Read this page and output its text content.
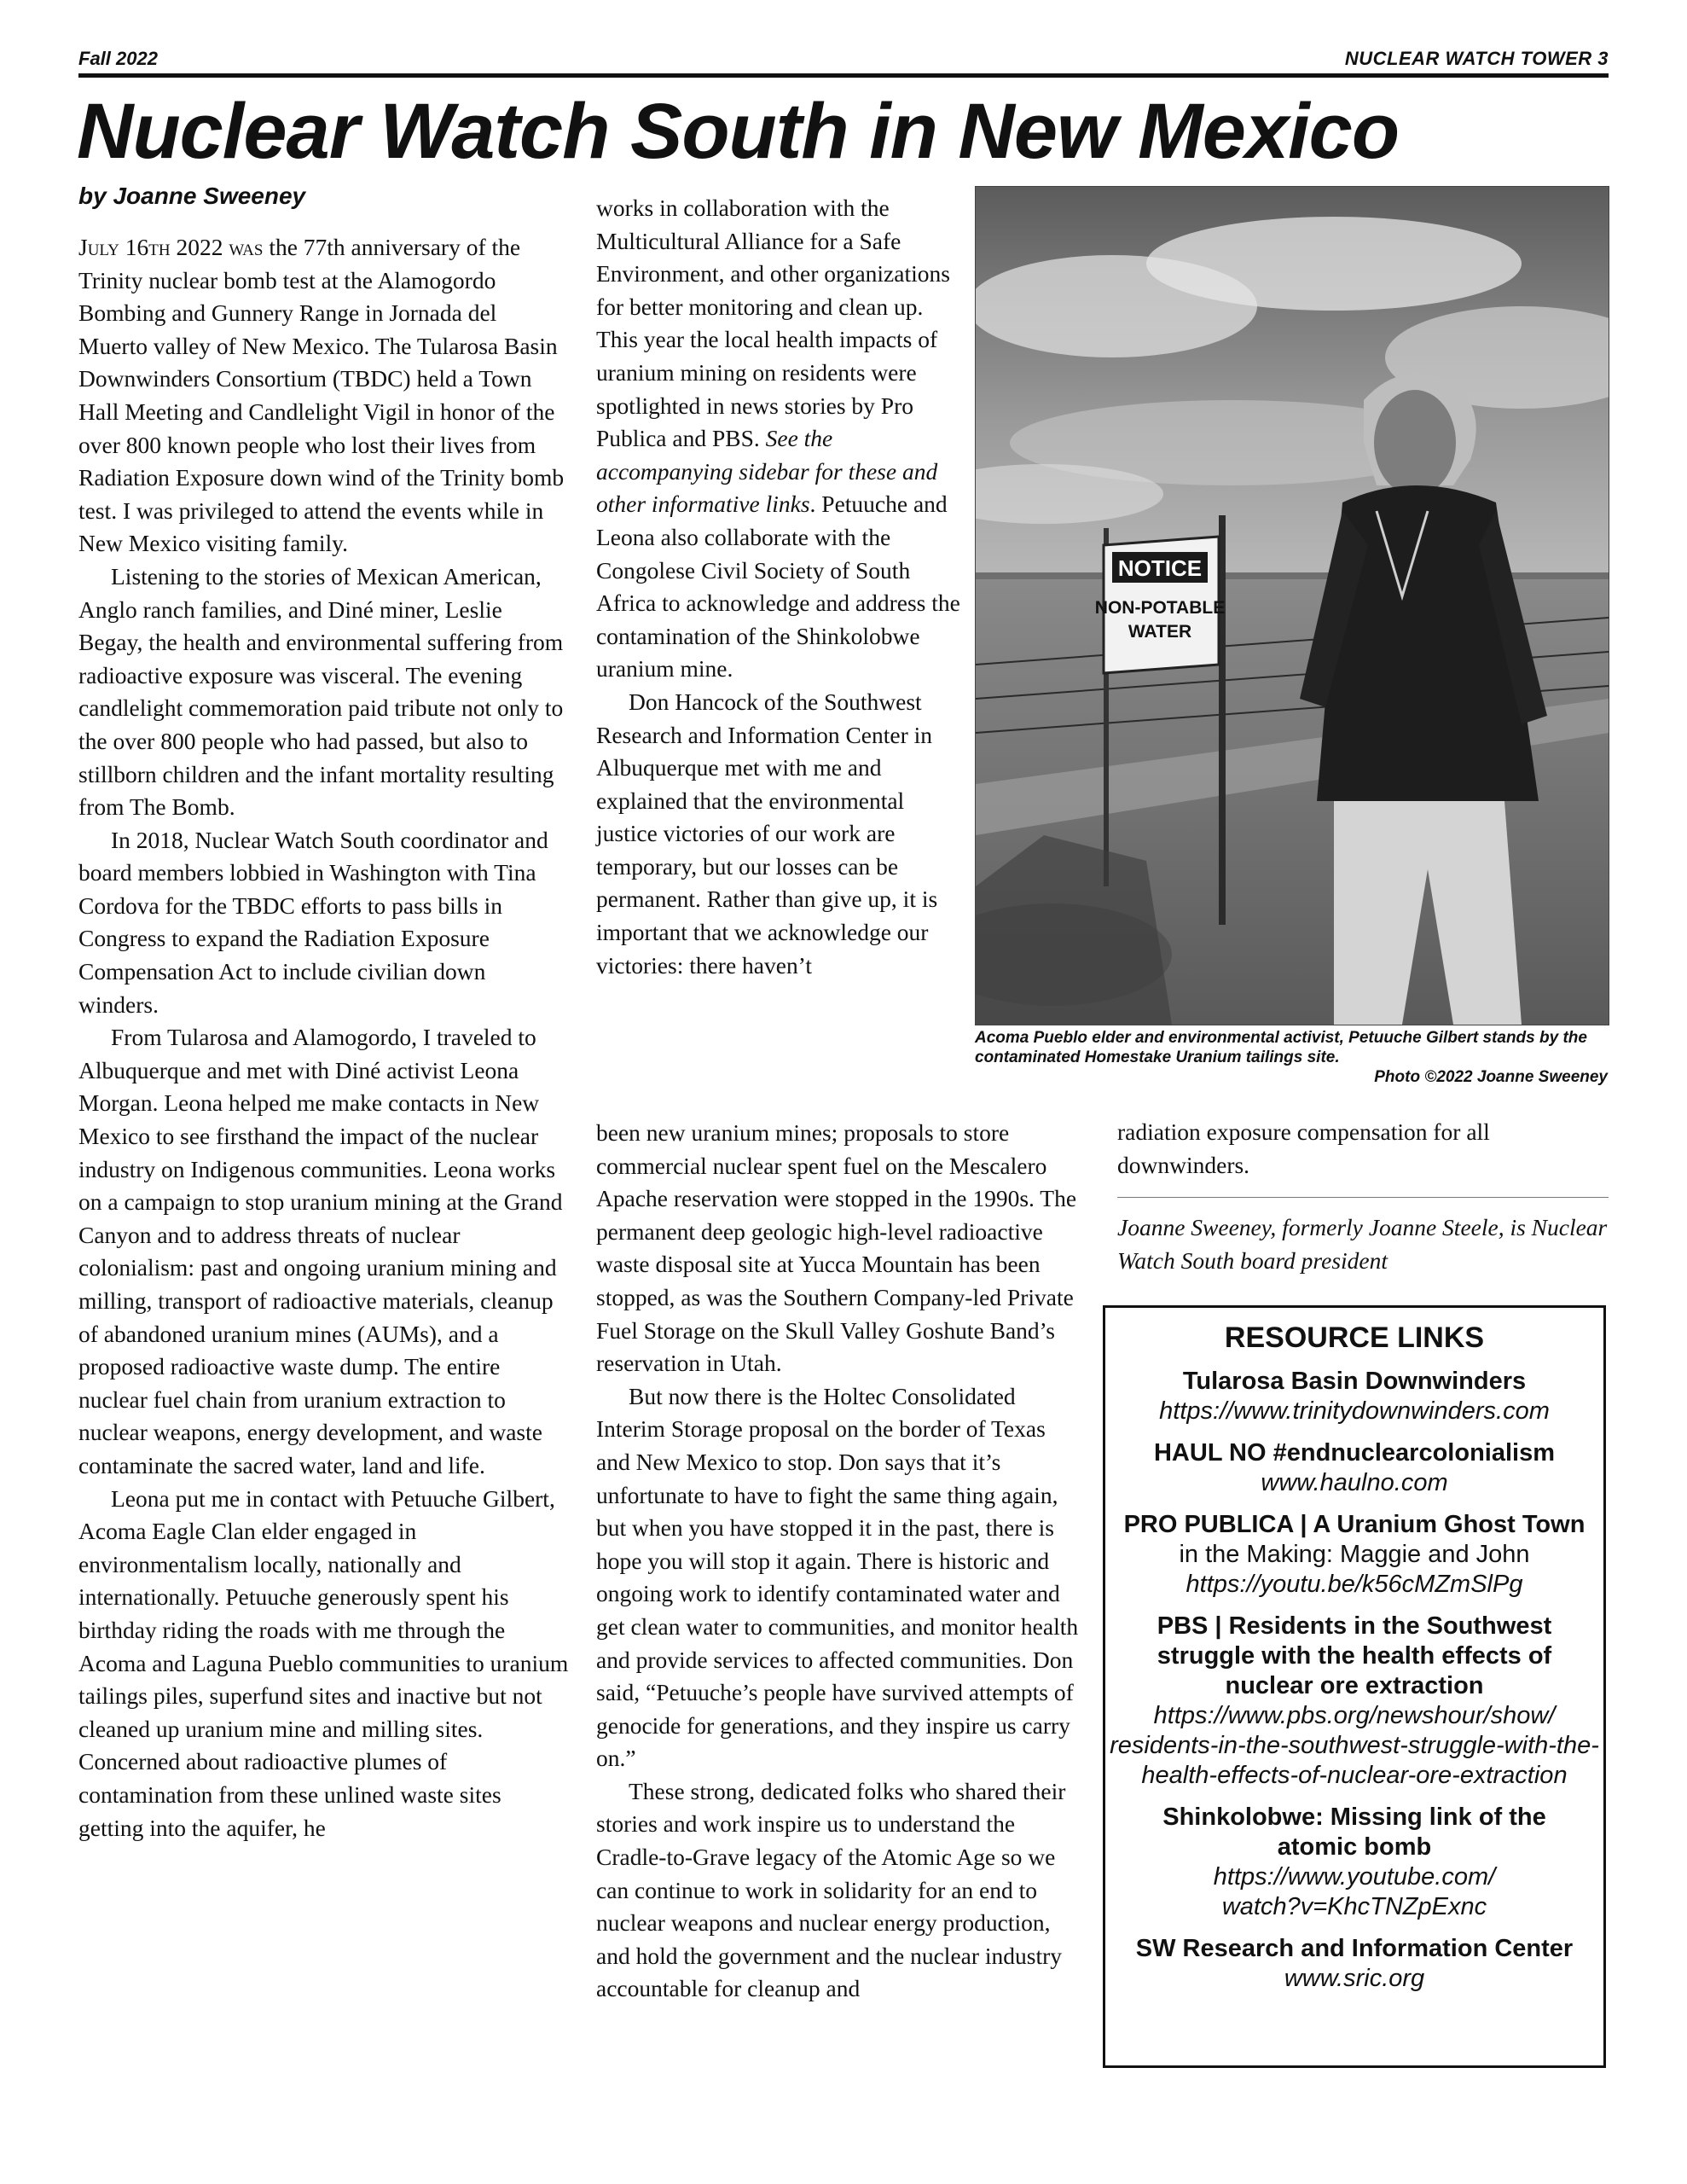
Fall 2022	NUCLEAR WATCH TOWER 3
Nuclear Watch South in New Mexico
by Joanne Sweeney

July 16th 2022 was the 77th anniversary of the Trinity nuclear bomb test at the Alamogordo Bombing and Gunnery Range in Jornada del Muerto valley of New Mexico. The Tularosa Basin Downwinders Consortium (TBDC) held a Town Hall Meeting and Candlelight Vigil in honor of the over 800 known people who lost their lives from Radiation Exposure down wind of the Trinity bomb test. I was privileged to attend the events while in New Mexico visiting family.

Listening to the stories of Mexican American, Anglo ranch families, and Diné miner, Leslie Begay, the health and environmental suffering from radioactive exposure was visceral. The evening candlelight commemoration paid tribute not only to the over 800 people who had passed, but also to stillborn children and the infant mortality resulting from The Bomb.

In 2018, Nuclear Watch South coordinator and board members lobbied in Washington with Tina Cordova for the TBDC efforts to pass bills in Congress to expand the Radiation Exposure Compensation Act to include civilian down winders.

From Tularosa and Alamogordo, I traveled to Albuquerque and met with Diné activist Leona Morgan. Leona helped me make contacts in New Mexico to see firsthand the impact of the nuclear industry on Indigenous communities. Leona works on a campaign to stop uranium mining at the Grand Canyon and to address threats of nuclear colonialism: past and ongoing uranium mining and milling, transport of radioactive materials, cleanup of abandoned uranium mines (AUMs), and a proposed radioactive waste dump. The entire nuclear fuel chain from uranium extraction to nuclear weapons, energy development, and waste contaminate the sacred water, land and life.

Leona put me in contact with Petuuche Gilbert, Acoma Eagle Clan elder engaged in environmentalism locally, nationally and internationally. Petuuche generously spent his birthday riding the roads with me through the Acoma and Laguna Pueblo communities to uranium tailings piles, superfund sites and inactive but not cleaned up uranium mine and milling sites. Concerned about radioactive plumes of contamination from these unlined waste sites getting into the aquifer, he

works in collaboration with the Multicultural Alliance for a Safe Environment, and other organizations for better monitoring and clean up. This year the local health impacts of uranium mining on residents were spotlighted in news stories by Pro Publica and PBS. See the accompanying sidebar for these and other informative links. Petuuche and Leona also collaborate with the Congolese Civil Society of South Africa to acknowledge and address the contamination of the Shinkolobwe uranium mine.

Don Hancock of the Southwest Research and Information Center in Albuquerque met with me and explained that the environmental justice victories of our work are temporary, but our losses can be permanent. Rather than give up, it is important that we acknowledge our victories: there haven’t

been new uranium mines; proposals to store commercial nuclear spent fuel on the Mescalero Apache reservation were stopped in the 1990s. The permanent deep geologic high-level radioactive waste disposal site at Yucca Mountain has been stopped, as was the Southern Company-led Private Fuel Storage on the Skull Valley Goshute Band’s reservation in Utah.

But now there is the Holtec Consolidated Interim Storage proposal on the border of Texas and New Mexico to stop. Don says that it’s unfortunate to have to fight the same thing again, but when you have stopped it in the past, there is hope you will stop it again. There is historic and ongoing work to identify contaminated water and get clean water to communities, and monitor health and provide services to affected communities. Don said, “Petuuche’s people have survived attempts of genocide for generations, and they inspire us carry on.”

These strong, dedicated folks who shared their stories and work inspire us to understand the Cradle-to-Grave legacy of the Atomic Age so we can continue to work in solidarity for an end to nuclear weapons and nuclear energy production, and hold the government and the nuclear industry accountable for cleanup and

NOTICE
NON-POTABLE
WATER
Acoma Pueblo elder and environmental activist, Petuuche Gilbert stands by the contaminated Homestake Uranium tailings site.
Photo ©2022 Joanne Sweeney

radiation exposure compensation for all downwinders.

Joanne Sweeney, formerly Joanne Steele, is Nuclear Watch South board president
RESOURCE LINKS
Tularosa Basin Downwinders
https://www.trinitydownwinders.com
HAUL NO #endnuclearcolonialism
www.haulno.com
PRO PUBLICA | A Uranium Ghost Town
in the Making: Maggie and John
https://youtu.be/k56cMZmSlPg
PBS | Residents in the Southwest struggle with the health effects of nuclear ore extraction
https://www.pbs.org/newshour/show/ residents-in-the-southwest-struggle-with-the- health-effects-of-nuclear-ore-extraction
Shinkolobwe: Missing link of the atomic bomb
https://www.youtube.com/ watch?v=KhcTNZpExnc
SW Research and Information Center
www.sric.org
